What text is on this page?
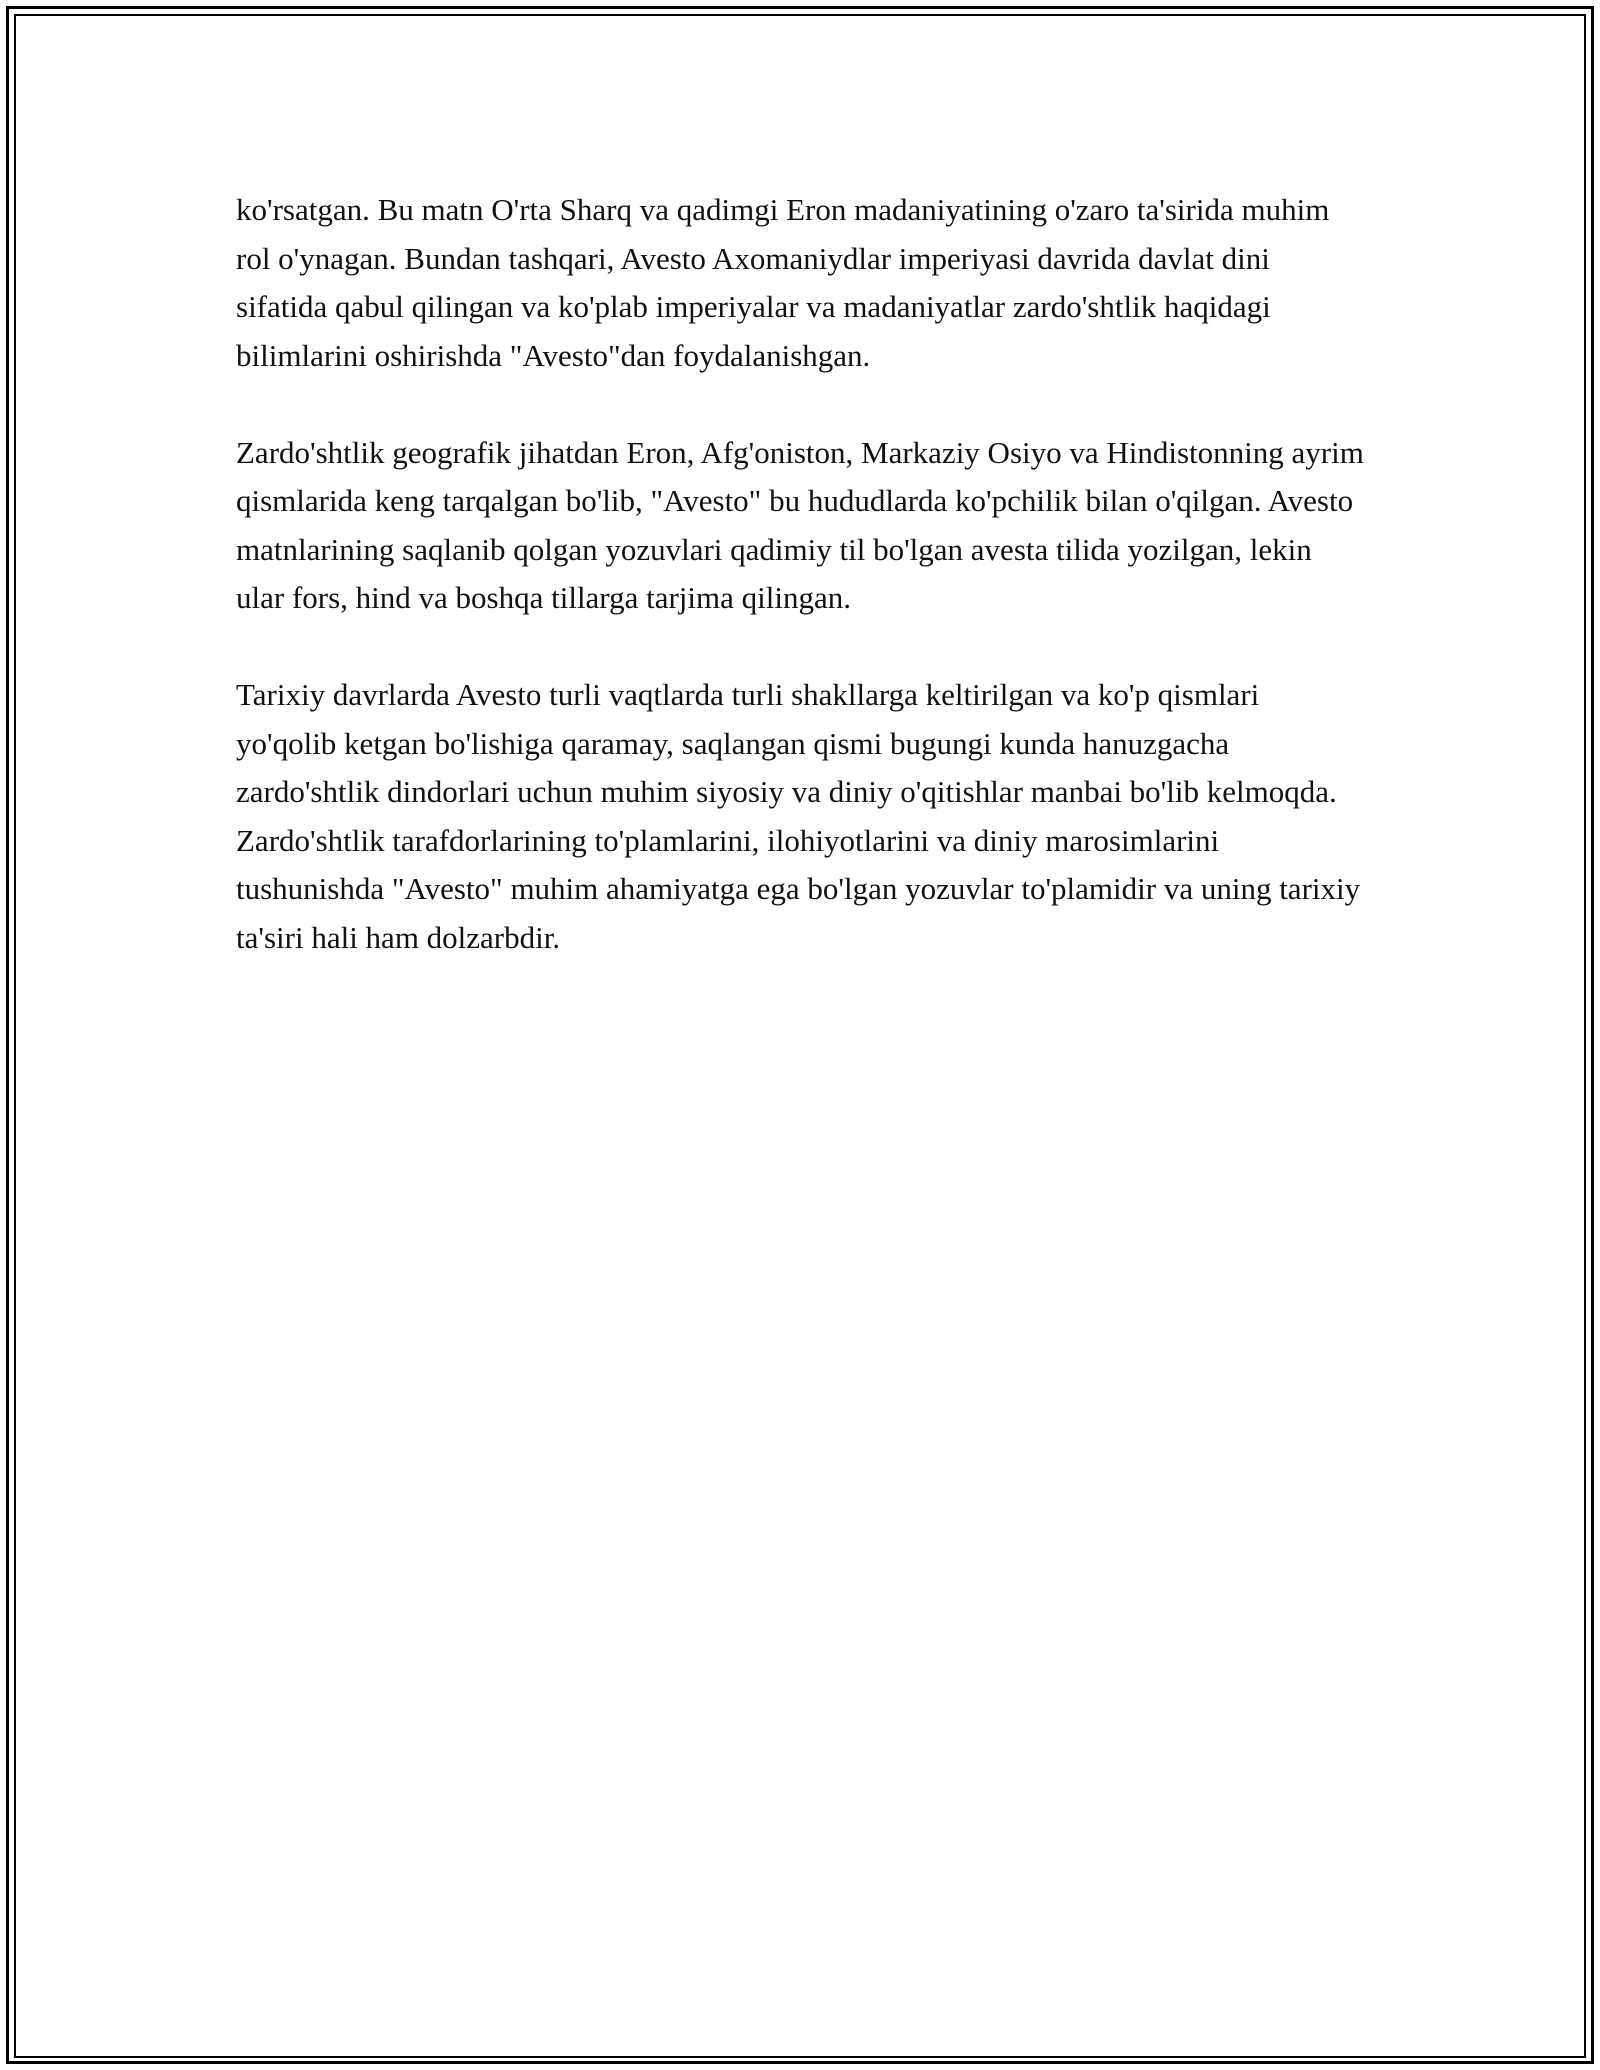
ko'rsatgan. Bu matn O'rta Sharq va qadimgi Eron madaniyatining o'zaro ta'sirida muhim rol o'ynagan. Bundan tashqari, Avesto Axomaniydlar imperiyasi davrida davlat dini sifatida qabul qilingan va ko'plab imperiyalar va madaniyatlar zardo'shtlik haqidagi bilimlarini oshirishda "Avesto"dan foydalanishgan.

Zardo'shtlik geografik jihatdan Eron, Afg'oniston, Markaziy Osiyo va Hindistonning ayrim qismlarida keng tarqalgan bo'lib, "Avesto" bu hududlarda ko'pchilik bilan o'qilgan. Avesto matnlarining saqlanib qolgan yozuvlari qadimiy til bo'lgan avesta tilida yozilgan, lekin ular fors, hind va boshqa tillarga tarjima qilingan.

Tarixiy davrlarda Avesto turli vaqtlarda turli shakllarga keltirilgan va ko'p qismlari yo'qolib ketgan bo'lishiga qaramay, saqlangan qismi bugungi kunda hanuzgacha zardo'shtlik dindorlari uchun muhim siyosiy va diniy o'qitishlar manbai bo'lib kelmoqda. Zardo'shtlik tarafdorlarining to'plamlarini, ilohiyotlarini va diniy marosimlarini tushunishda "Avesto" muhim ahamiyatga ega bo'lgan yozuvlar to'plamidir va uning tarixiy ta'siri hali ham dolzarbdir.
